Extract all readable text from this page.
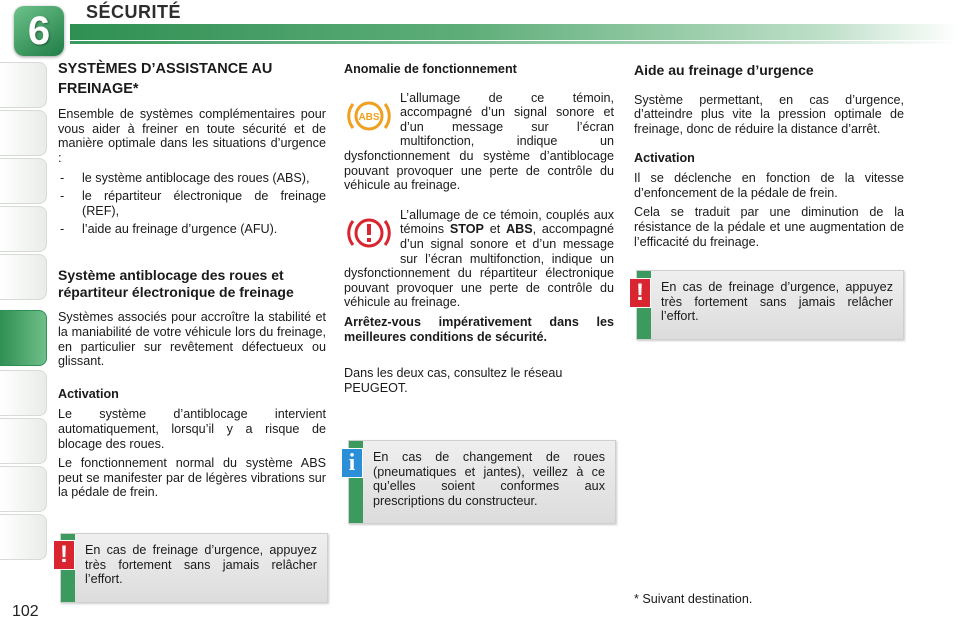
6	SÉCURITÉ
102
SYSTÈMES D’ASSISTANCE AU FREINAGE*

Ensemble de systèmes complémentaires pour vous aider à freiner en toute sécurité et de manière optimale dans les situations d’urgence :

- le système antiblocage des roues (ABS),
- le répartiteur électronique de freinage (REF),
- l’aide au freinage d’urgence (AFU).
Système antiblocage des roues et répartiteur électronique de freinage

Systèmes associés pour accroître la stabilité et la maniabilité de votre véhicule lors du freinage, en particulier sur revêtement défectueux ou glissant.

Activation

Le système d’antiblocage intervient automatiquement, lorsqu’il y a risque de blocage des roues.

Le fonctionnement normal du système ABS peut se manifester par de légères vibrations sur la pédale de frein.

En cas de freinage d’urgence, appuyez très fortement sans jamais relâcher l’effort.
!
Anomalie de fonctionnement
ABS

L’allumage de ce témoin, accompagné d’un signal sonore et d’un message sur l’écran multifonction, indique un dysfonctionnement du système d’antiblocage pouvant provoquer une perte de contrôle du véhicule au freinage.

L’allumage de ce témoin, couplés aux témoins STOP et ABS, accompagné d’un signal sonore et d’un message sur l’écran multifonction, indique un dysfonctionnement du répartiteur électronique pouvant provoquer une perte de contrôle du véhicule au freinage.

Arrêtez-vous impérativement dans les meilleures conditions de sécurité.

Dans les deux cas, consultez le réseau PEUGEOT.

En cas de changement de roues (pneumatiques et jantes), veillez à ce qu’elles soient conformes aux prescriptions du constructeur.
i
Aide au freinage d’urgence

Système permettant, en cas d’urgence, d’atteindre plus vite la pression optimale de freinage, donc de réduire la distance d’arrêt.

Activation

Il se déclenche en fonction de la vitesse d’enfoncement de la pédale de frein.

Cela se traduit par une diminution de la résistance de la pédale et une augmentation de l’efficacité du freinage.

En cas de freinage d’urgence, appuyez très fortement sans jamais relâcher l’effort.
!
* Suivant destination.
